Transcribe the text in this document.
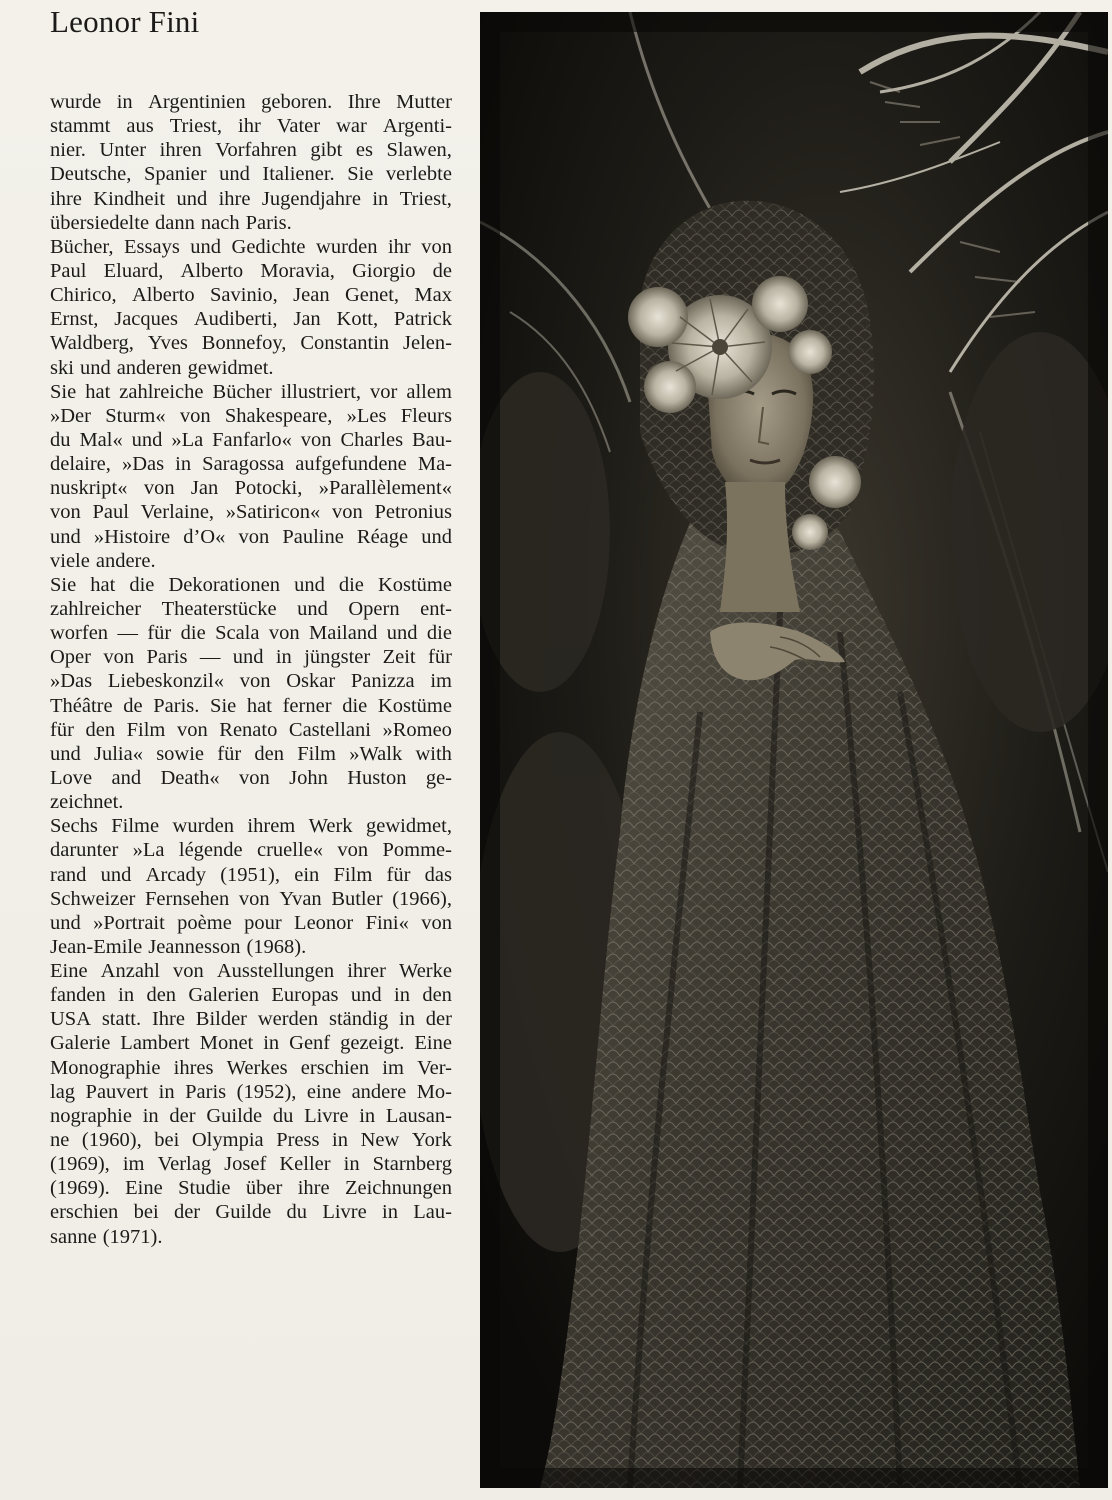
Leonor Fini
wurde in Argentinien geboren. Ihre Mutter
stammt aus Triest, ihr Vater war Argenti-
nier. Unter ihren Vorfahren gibt es Slawen,
Deutsche, Spanier und Italiener. Sie verlebte
ihre Kindheit und ihre Jugendjahre in Triest,
übersiedelte dann nach Paris.
Bücher, Essays und Gedichte wurden ihr von
Paul Eluard, Alberto Moravia, Giorgio de
Chirico, Alberto Savinio, Jean Genet, Max
Ernst, Jacques Audiberti, Jan Kott, Patrick
Waldberg, Yves Bonnefoy, Constantin Jelen-
ski und anderen gewidmet.
Sie hat zahlreiche Bücher illustriert, vor allem
»Der Sturm« von Shakespeare, »Les Fleurs
du Mal« und »La Fanfarlo« von Charles Bau-
delaire, »Das in Saragossa aufgefundene Ma-
nuskript« von Jan Potocki, »Parallèlement«
von Paul Verlaine, »Satiricon« von Petronius
und »Histoire d’O« von Pauline Réage und
viele andere.
Sie hat die Dekorationen und die Kostüme
zahlreicher Theaterstücke und Opern ent-
worfen — für die Scala von Mailand und die
Oper von Paris — und in jüngster Zeit für
»Das Liebeskonzil« von Oskar Panizza im
Théâtre de Paris. Sie hat ferner die Kostüme
für den Film von Renato Castellani »Romeo
und Julia« sowie für den Film »Walk with
Love and Death« von John Huston ge-
zeichnet.
Sechs Filme wurden ihrem Werk gewidmet,
darunter »La légende cruelle« von Pomme-
rand und Arcady (1951), ein Film für das
Schweizer Fernsehen von Yvan Butler (1966),
und »Portrait poème pour Leonor Fini« von
Jean-Emile Jeannesson (1968).
Eine Anzahl von Ausstellungen ihrer Werke
fanden in den Galerien Europas und in den
USA statt. Ihre Bilder werden ständig in der
Galerie Lambert Monet in Genf gezeigt. Eine
Monographie ihres Werkes erschien im Ver-
lag Pauvert in Paris (1952), eine andere Mo-
nographie in der Guilde du Livre in Lausan-
ne (1960), bei Olympia Press in New York
(1969), im Verlag Josef Keller in Starnberg
(1969). Eine Studie über ihre Zeichnungen
erschien bei der Guilde du Livre in Lau-
sanne (1971).
